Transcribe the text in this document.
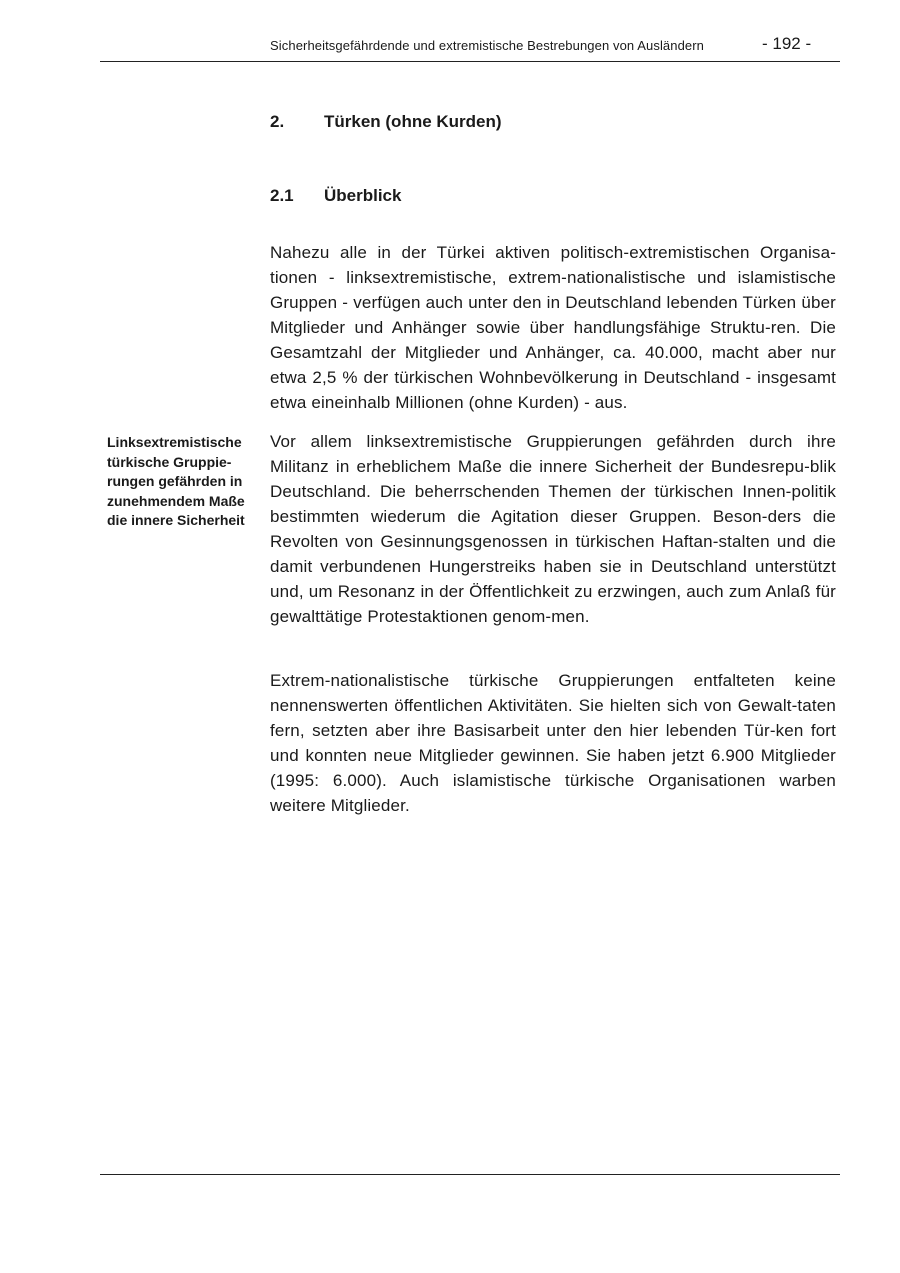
Sicherheitsgefährdende und extremistische Bestrebungen von Ausländern	- 192 -
2.	Türken (ohne Kurden)
2.1	Überblick
Nahezu alle in der Türkei aktiven politisch-extremistischen Organisa-tionen - linksextremistische, extrem-nationalistische und islamistische Gruppen - verfügen auch unter den in Deutschland lebenden Türken über Mitglieder und Anhänger sowie über handlungsfähige Struktu-ren. Die Gesamtzahl der Mitglieder und Anhänger, ca. 40.000, macht aber nur etwa 2,5 % der türkischen Wohnbevölkerung in Deutschland - insgesamt etwa eineinhalb Millionen (ohne Kurden) - aus.
Linksextremistische türkische Gruppie-rungen gefährden in zunehmendem Maße die innere Sicherheit
Vor allem linksextremistische Gruppierungen gefährden durch ihre Militanz in erheblichem Maße die innere Sicherheit der Bundesrepu-blik Deutschland. Die beherrschenden Themen der türkischen Innen-politik bestimmten wiederum die Agitation dieser Gruppen. Beson-ders die Revolten von Gesinnungsgenossen in türkischen Haftan-stalten und die damit verbundenen Hungerstreiks haben sie in Deutschland unterstützt und, um Resonanz in der Öffentlichkeit zu erzwingen, auch zum Anlaß für gewalttätige Protestaktionen genom-men.
Extrem-nationalistische türkische Gruppierungen entfalteten keine nennenswerten öffentlichen Aktivitäten. Sie hielten sich von Gewalt-taten fern, setzten aber ihre Basisarbeit unter den hier lebenden Tür-ken fort und konnten neue Mitglieder gewinnen. Sie haben jetzt 6.900 Mitglieder (1995: 6.000). Auch islamistische türkische Organisationen warben weitere Mitglieder.
